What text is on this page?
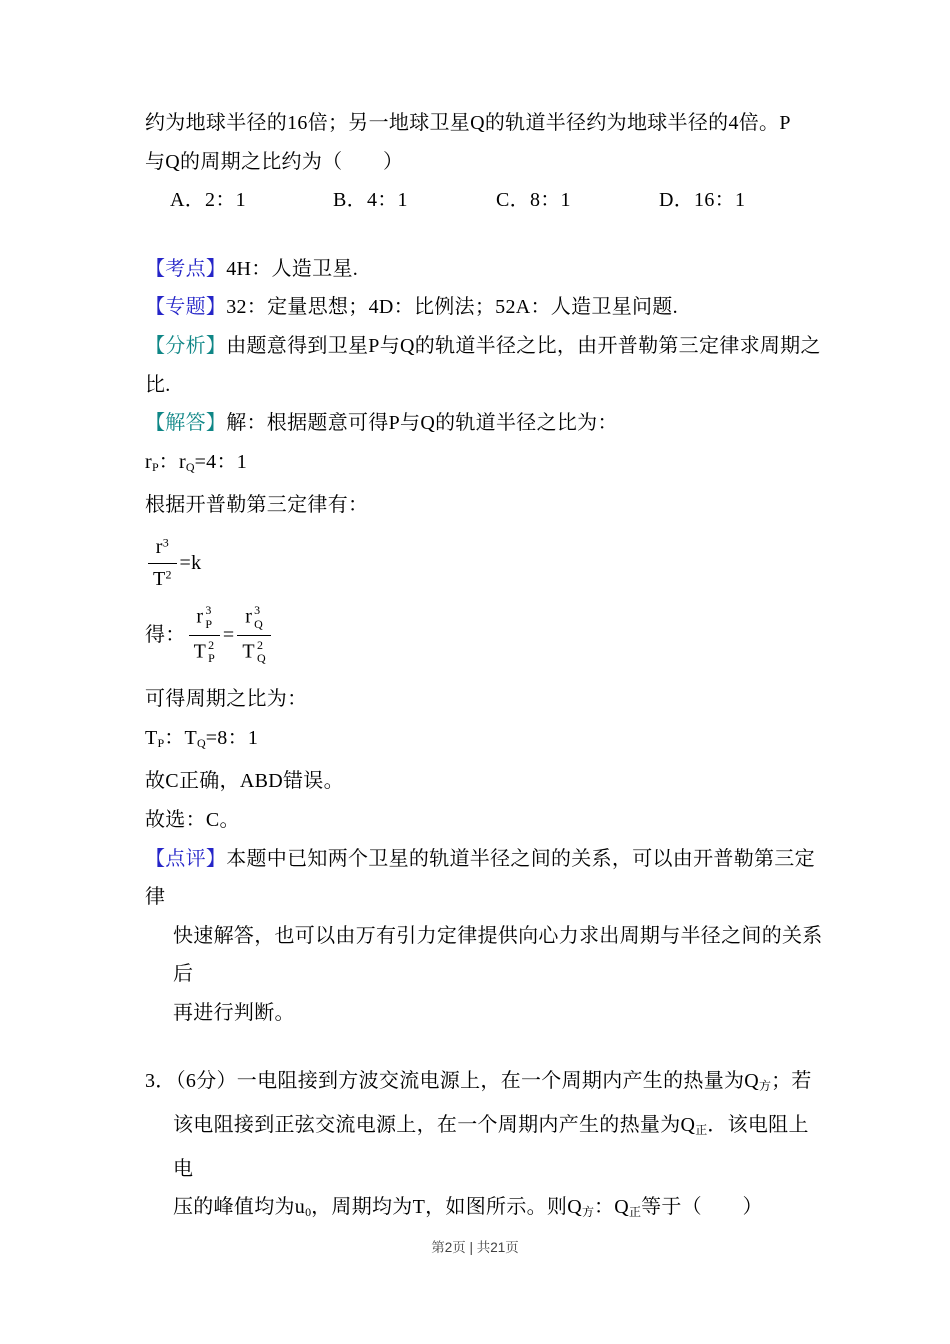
约为地球半径的16倍；另一地球卫星Q的轨道半径约为地球半径的4倍。P
与Q的周期之比约为（　　）
A．2：1	B．4：1	C．8：1	D．16：1
【考点】4H：人造卫星.
【专题】32：定量思想；4D：比例法；52A：人造卫星问题.
【分析】由题意得到卫星P与Q的轨道半径之比，由开普勒第三定律求周期之比.
【解答】解：根据题意可得P与Q的轨道半径之比为：
$r_P$：$r_Q=4$：1
根据开普勒第三定律有：
$\frac{r^3}{T^2} =k$
得： r 3
P
T 2
P = r 3
Q
T 2
Q
可得周期之比为：
$T_P$：$T_Q=8$：1
故C正确，ABD错误。
故选：C。
【点评】本题中已知两个卫星的轨道半径之间的关系，可以由开普勒第三定律
快速解答，也可以由万有引力定律提供向心力求出周期与半径之间的关系后
再进行判断。
3．（6分）一电阻接到方波交流电源上，在一个周期内产生的热量为$Q_方$；若
该电阻接到正弦交流电源上，在一个周期内产生的热量为$Q_正$．该电阻上电
压的峰值均为$u_0$，周期均为T，如图所示。则$Q_方$：$Q_正$等于（　　）
第2页 | 共21页
